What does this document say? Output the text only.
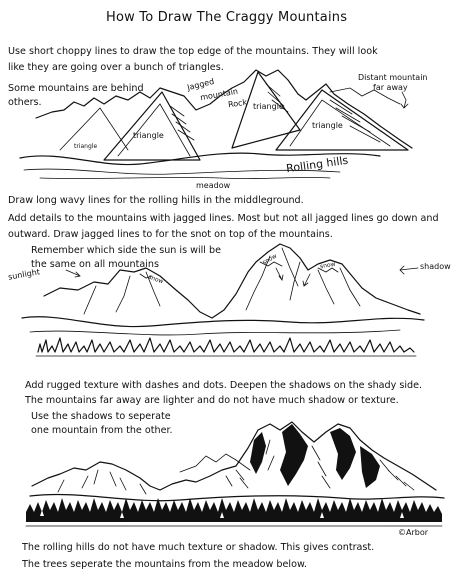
How To Draw The Craggy Mountains

Use short choppy lines to draw the top edge of the mountains. They will look

like they are going over a bunch of triangles.

Some mountains are behind

others.

Draw long wavy lines for the rolling hills in the middleground.

Add details to the mountains with jagged lines. Most but not all jagged lines go down and

outward. Draw jagged lines to for the snot on top of the mountains.

Remember which side the sun is will be

the same on all mountains

Add rugged texture with dashes and dots. Deepen the shadows on the shady side.

The mountains far away are lighter and do not have much shadow or texture.

Use the shadows to seperate

one mountain from the other.

The rolling hills do not have much texture or shadow. This gives contrast.

The trees seperate the mountains from the meadow below.

triangle

triangle

triangle

triangle

Jagged

mountain

Rock

Distant mountain

far away

Rolling hills

meadow

sunlight	snow

snow	snow	shadow

©Arbor
